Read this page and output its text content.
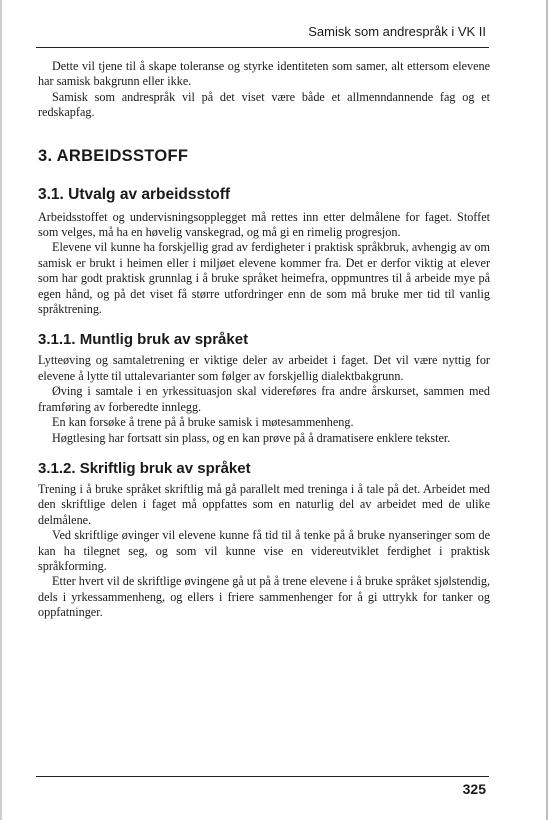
Samisk som andrespråk i VK II

Dette vil tjene til å skape toleranse og styrke identiteten som samer, alt ettersom elevene har samisk bakgrunn eller ikke.

Samisk som andrespråk vil på det viset være både et allmenndannende fag og et redskapfag.

3. ARBEIDSSTOFF
3.1. Utvalg av arbeidsstoff

Arbeidsstoffet og undervisningsopplegget må rettes inn etter delmålene for faget. Stoffet som velges, må ha en høvelig vanskegrad, og må gi en rimelig progresjon.

Elevene vil kunne ha forskjellig grad av ferdigheter i praktisk språkbruk, avhengig av om samisk er brukt i heimen eller i miljøet elevene kommer fra. Det er derfor viktig at elever som har godt praktisk grunnlag i å bruke språket heimefra, oppmuntres til å arbeide mye på egen hånd, og på det viset få større utfordringer enn de som må bruke mer tid til vanlig språktrening.

3.1.1. Muntlig bruk av språket

Lytteøving og samtaletrening er viktige deler av arbeidet i faget. Det vil være nyttig for elevene å lytte til uttalevarianter som følger av forskjellig dialektbakgrunn.

Øving i samtale i en yrkessituasjon skal videreføres fra andre årskurset, sammen med framføring av forberedte innlegg.

En kan forsøke å trene på å bruke samisk i møtesammenheng.

Høgtlesing har fortsatt sin plass, og en kan prøve på å dramatisere enklere tekster.

3.1.2. Skriftlig bruk av språket

Trening i å bruke språket skriftlig må gå parallelt med treninga i å tale på det. Arbeidet med den skriftlige delen i faget må oppfattes som en naturlig del av arbeidet med de ulike delmålene.

Ved skriftlige øvinger vil elevene kunne få tid til å tenke på å bruke nyanseringer som de kan ha tilegnet seg, og som vil kunne vise en videreutviklet ferdighet i praktisk språkforming.

Etter hvert vil de skriftlige øvingene gå ut på å trene elevene i å bruke språket sjølstendig, dels i yrkessammenheng, og ellers i friere sammenhenger for å gi uttrykk for tanker og oppfatninger.

325
